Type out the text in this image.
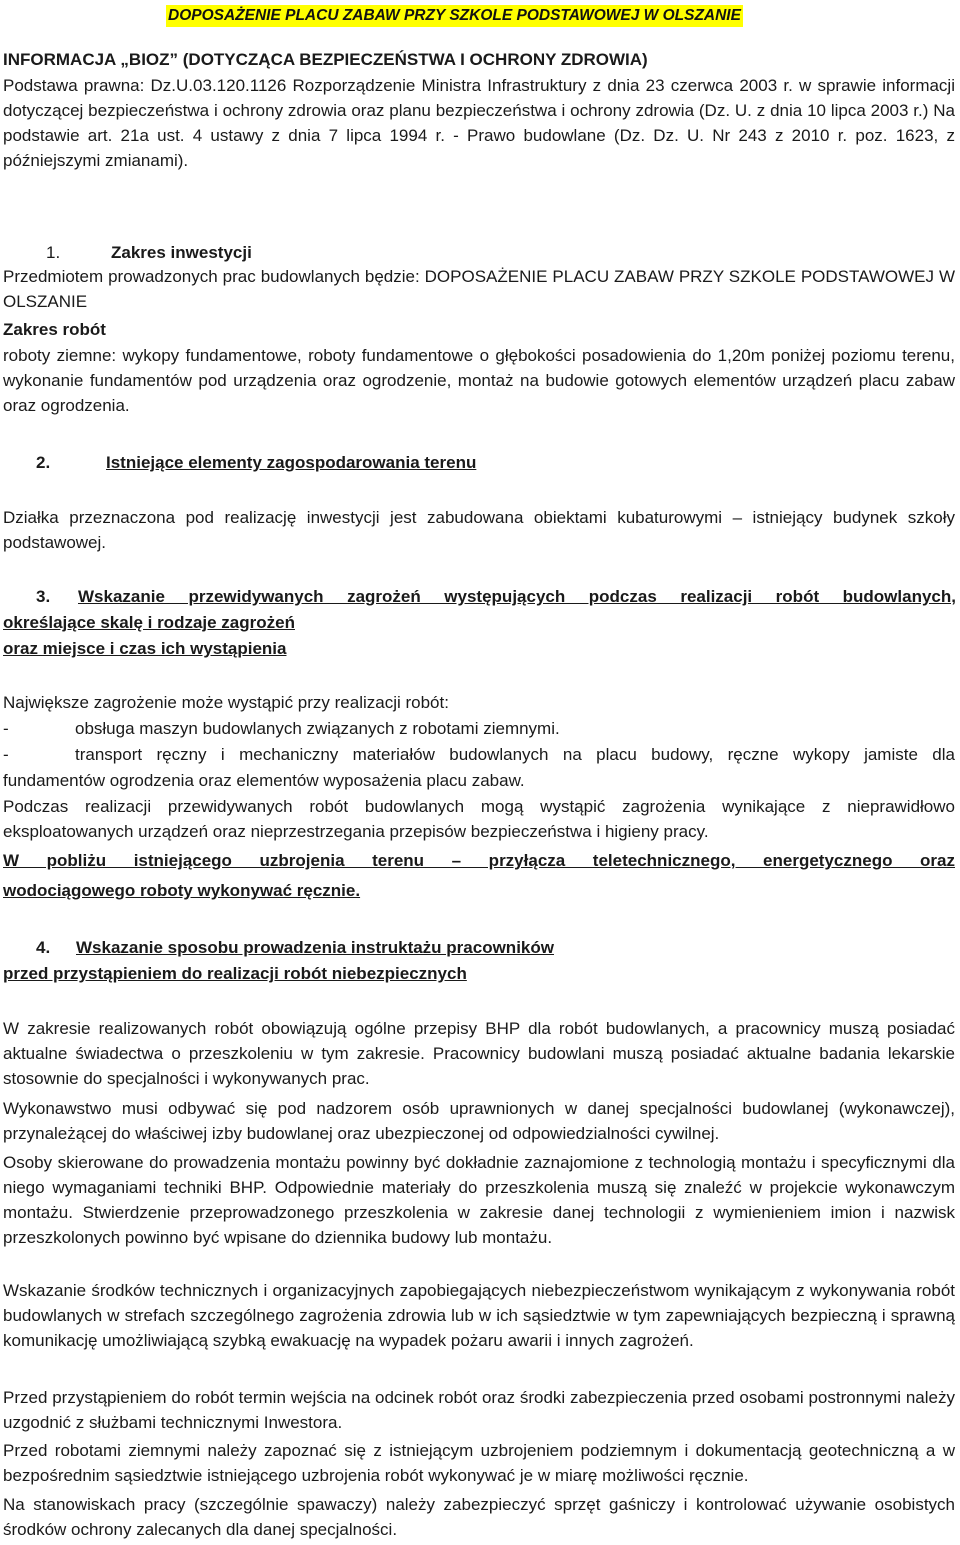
DOPOSAŻENIE PLACU ZABAW PRZY SZKOLE PODSTAWOWEJ W OLSZANIE
INFORMACJA „BIOZ” (DOTYCZĄCA BEZPIECZEŃSTWA I OCHRONY ZDROWIA)
Podstawa prawna: Dz.U.03.120.1126 Rozporządzenie Ministra Infrastruktury z dnia 23 czerwca 2003 r. w sprawie informacji dotyczącej bezpieczeństwa i ochrony zdrowia oraz planu bezpieczeństwa i ochrony zdrowia (Dz. U. z dnia 10 lipca 2003 r.) Na podstawie art. 21a ust. 4 ustawy z dnia 7 lipca 1994 r. - Prawo budowlane (Dz. Dz. U. Nr 243 z 2010 r. poz. 1623, z późniejszymi zmianami).
1.	Zakres inwestycji
Przedmiotem prowadzonych prac budowlanych będzie: DOPOSAŻENIE PLACU ZABAW PRZY SZKOLE PODSTAWOWEJ W OLSZANIE
Zakres robót
roboty ziemne: wykopy fundamentowe, roboty fundamentowe o głębokości posadowienia do 1,20m poniżej poziomu terenu, wykonanie fundamentów pod urządzenia oraz ogrodzenie, montaż na budowie gotowych elementów urządzeń placu zabaw oraz ogrodzenia.
2.	Istniejące elementy zagospodarowania terenu
Działka przeznaczona pod realizację inwestycji jest zabudowana obiektami kubaturowymi – istniejący budynek szkoły podstawowej.
3. Wskazanie przewidywanych zagrożeń występujących podczas realizacji robót budowlanych,
określające skalę i rodzaje zagrożeń
oraz miejsce i czas ich wystąpienia
Największe zagrożenie może wystąpić przy realizacji robót:
-	obsługa maszyn budowlanych związanych z robotami ziemnymi.
-	transport ręczny i mechaniczny materiałów budowlanych na placu budowy, ręczne wykopy jamiste dla
fundamentów ogrodzenia oraz elementów wyposażenia placu zabaw.
Podczas realizacji przewidywanych robót budowlanych mogą wystąpić zagrożenia wynikające z nieprawidłowo eksploatowanych urządzeń oraz nieprzestrzegania przepisów bezpieczeństwa i higieny pracy.
W pobliżu istniejącego uzbrojenia terenu – przyłącza teletechnicznego, energetycznego oraz
wodociągowego roboty wykonywać ręcznie.
4. Wskazanie sposobu prowadzenia instruktażu pracowników
przed przystąpieniem do realizacji robót niebezpiecznych
W zakresie realizowanych robót obowiązują ogólne przepisy BHP dla robót budowlanych, a pracownicy muszą posiadać aktualne świadectwa o przeszkoleniu w tym zakresie. Pracownicy budowlani muszą posiadać aktualne badania lekarskie stosownie do specjalności i wykonywanych prac.
Wykonawstwo musi odbywać się pod nadzorem osób uprawnionych w danej specjalności budowlanej (wykonawczej), przynależącej do właściwej izby budowlanej oraz ubezpieczonej od odpowiedzialności cywilnej.
Osoby skierowane do prowadzenia montażu powinny być dokładnie zaznajomione z technologią montażu i specyficznymi dla niego wymaganiami techniki BHP. Odpowiednie materiały do przeszkolenia muszą się znaleźć w projekcie wykonawczym montażu. Stwierdzenie przeprowadzonego przeszkolenia w zakresie danej technologii z wymienieniem imion i nazwisk przeszkolonych powinno być wpisane do dziennika budowy lub montażu.
Wskazanie środków technicznych i organizacyjnych zapobiegających niebezpieczeństwom wynikającym z wykonywania robót budowlanych w strefach szczególnego zagrożenia zdrowia lub w ich sąsiedztwie w tym zapewniających bezpieczną i sprawną komunikację umożliwiającą szybką ewakuację na wypadek pożaru awarii i innych zagrożeń.
Przed przystąpieniem do robót termin wejścia na odcinek robót oraz środki zabezpieczenia przed osobami postronnymi należy uzgodnić z służbami technicznymi Inwestora.
Przed robotami ziemnymi należy zapoznać się z istniejącym uzbrojeniem podziemnym i dokumentacją geotechniczną a w bezpośrednim sąsiedztwie istniejącego uzbrojenia robót wykonywać je w miarę możliwości ręcznie.
Na stanowiskach pracy (szczególnie spawaczy) należy zabezpieczyć sprzęt gaśniczy i kontrolować używanie osobistych środków ochrony zalecanych dla danej specjalności.
